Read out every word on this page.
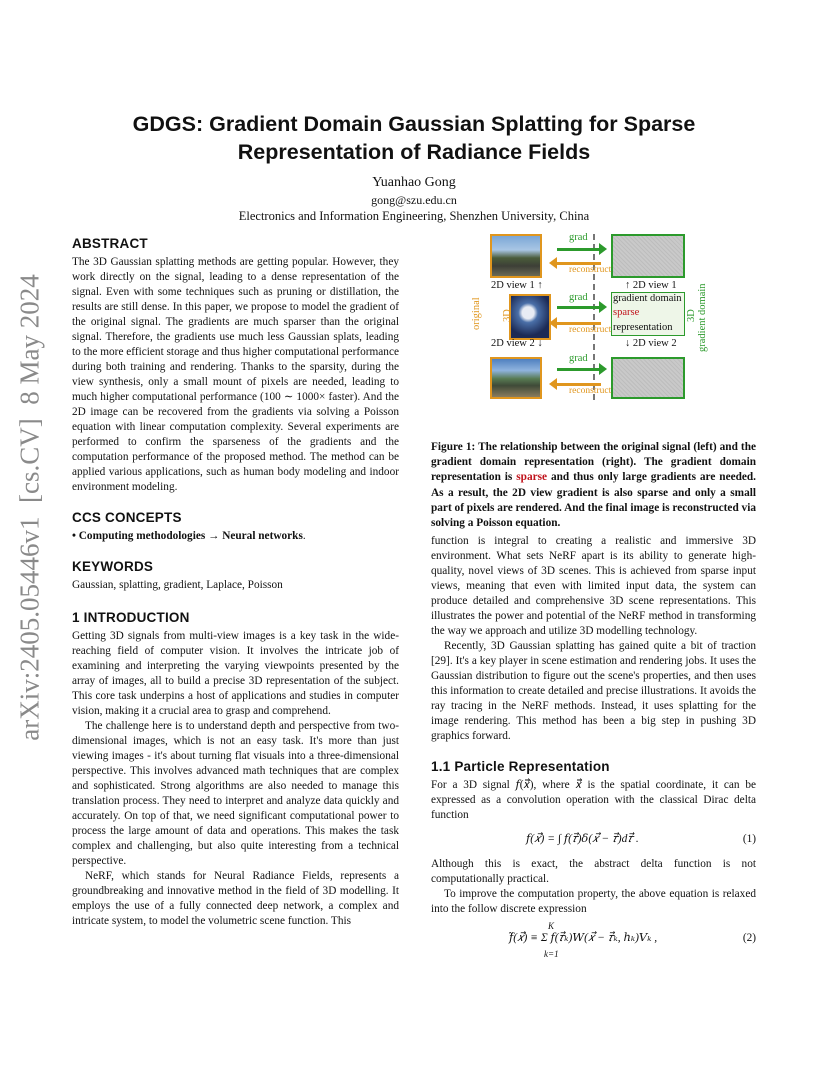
arXiv:2405.05446v1  [cs.CV]  8 May 2024
GDGS: Gradient Domain Gaussian Splatting for Sparse
Representation of Radiance Fields
Yuanhao Gong
gong@szu.edu.cn
Electronics and Information Engineering, Shenzhen University, China
ABSTRACT

The 3D Gaussian splatting methods are getting popular. However, they work directly on the signal, leading to a dense representation of the signal. Even with some techniques such as pruning or distillation, the results are still dense. In this paper, we propose to model the gradient of the original signal. The gradients are much sparser than the original signal. Therefore, the gradients use much less Gaussian splats, leading to the more efficient storage and thus higher computational performance during both training and rendering. Thanks to the sparsity, during the view synthesis, only a small mount of pixels are needed, leading to much higher computational performance (100 ∼ 1000× faster). And the 2D image can be recovered from the gradients via solving a Poisson equation with linear computation complexity. Several experiments are performed to confirm the sparseness of the gradients and the computation performance of the proposed method. The method can be applied various applications, such as human body modeling and indoor environment modeling.

CCS CONCEPTS

• Computing methodologies → Neural networks.

KEYWORDS

Gaussian, splatting, gradient, Laplace, Poisson

1 INTRODUCTION

Getting 3D signals from multi-view images is a key task in the wide-reaching field of computer vision. It involves the intricate job of examining and interpreting the varying viewpoints presented by the array of images, all to build a precise 3D representation of the subject. This core task underpins a host of applications and studies in computer vision, making it a crucial area to grasp and comprehend.

The challenge here is to understand depth and perspective from two-dimensional images, which is not an easy task. It's more than just viewing images - it's about turning flat visuals into a three-dimensional perspective. This involves advanced math techniques that are complex and sophisticated. Strong algorithms are also needed to manage this translation process. They need to interpret and analyze data quickly and accurately. On top of that, we need significant computational power to process the large amount of data and operations. This makes the task complex and challenging, but also quite interesting from a technical perspective.

NeRF, which stands for Neural Radiance Fields, represents a groundbreaking and innovative method in the field of 3D modelling. It employs the use of a fully connected deep network, a complex and intricate system, to model the volumetric scene function. This

gradient domain
sparse
representation
grad
reconstruct
grad
reconstruct
grad
reconstruct
2D view 1 ↑
2D view 2 ↓
↑ 2D view 1
↓ 2D view 2
original 3D	3D gradient domain
Figure 1: The relationship between the original signal (left) and the gradient domain representation (right). The gradient domain representation is sparse and thus only large gradients are needed. As a result, the 2D view gradient is also sparse and only a small part of pixels are rendered. And the final image is reconstructed via solving a Poisson equation.

function is integral to creating a realistic and immersive 3D environment. What sets NeRF apart is its ability to generate high-quality, novel views of 3D scenes. This is achieved from sparse input views, meaning that even with limited input data, the system can produce detailed and comprehensive 3D scene representations. This illustrates the power and potential of the NeRF method in transforming the way we approach and utilize 3D modelling technology.

Recently, 3D Gaussian splatting has gained quite a bit of traction [29]. It's a key player in scene estimation and rendering jobs. It uses the Gaussian distribution to figure out the scene's properties, and then uses this information to create detailed and precise illustrations. It avoids the ray tracing in the NeRF methods. Instead, it uses splatting for the image rendering. This method has been a big step in pushing 3D graphics forward.

1.1 Particle Representation

For a 3D signal 𝑓(𝑥⃗), where 𝑥⃗ is the spatial coordinate, it can be expressed as a convolution operation with the classical Dirac delta function

𝑓(𝑥⃗) = ∫ 𝑓(𝜏⃗)𝛿(𝑥⃗ − 𝜏⃗)d𝜏⃗ .	(1)

Although this is exact, the abstract delta function is not computationally practical.

To improve the computation property, the above equation is relaxed into the follow discrete expression

K
𝑓̃(𝑥⃗) ≡ Σ 𝑓(𝜏⃗ₖ)𝑊(𝑥⃗ − 𝜏⃗ₖ, ℎₖ)𝑉ₖ ,
k=1
(2)
